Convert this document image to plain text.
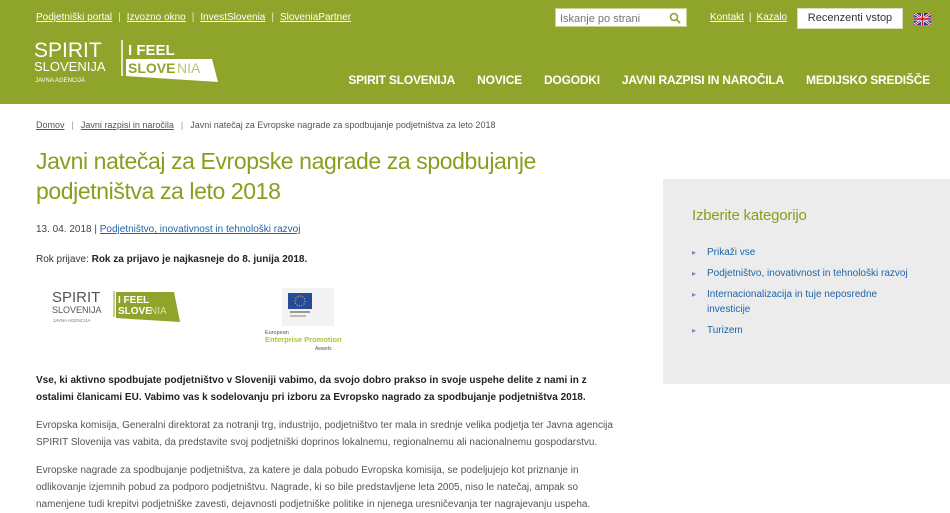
Podjetniški portal | Izvozno okno | InvestSlovenia | SloveniaPartner
Iskanje po strani	Kontakt | Kazalo	Recenzenti vstop
SPIRIT
SLOVENIJA
JAVNA AGENCIJA
I FEEL
SLOVE NIA
SPIRIT SLOVENIJA NOVICE DOGODKI JAVNI RAZPISI IN NAROČILA MEDIJSKO SREDIŠČE
Domov | Javni razpisi in naročila | Javni natečaj za Evropske nagrade za spodbujanje podjetništva za leto 2018
Javni natečaj za Evropske nagrade za spodbujanje podjetništva za leto 2018
13. 04. 2018 | Podjetništvo, inovativnost in tehnološki razvoj
Rok prijave: Rok za prijavo je najkasneje do 8. junija 2018.
SPIRIT
SLOVENIJA
JAVNA AGENCIJA
I FEEL
SLOVE
NIA
European
Enterprise Promotion
Awards

Vse, ki aktivno spodbujate podjetništvo v Sloveniji vabimo, da svojo dobro prakso in svoje uspehe delite z nami in z ostalimi članicami EU. Vabimo vas k sodelovanju pri izboru za Evropsko nagrado za spodbujanje podjetništva 2018.

Evropska komisija, Generalni direktorat za notranji trg, industrijo, podjetništvo ter mala in srednje velika podjetja ter Javna agencija SPIRIT Slovenija vas vabita, da predstavite svoj podjetniški doprinos lokalnemu, regionalnemu ali nacionalnemu gospodarstvu.

Evropske nagrade za spodbujanje podjetništva, za katere je dala pobudo Evropska komisija, se podeljujejo kot priznanje in odlikovanje izjemnih pobud za podporo podjetništvu. Nagrade, ki so bile predstavljene leta 2005, niso le natečaj, ampak so namenjene tudi krepitvi podjetniške zavesti, dejavnosti podjetniške politike in njenega uresničevanja ter nagrajevanju uspeha.

Izberite kategorijo
▸ Prikaži vse
▸ Podjetništvo, inovativnost in tehnološki razvoj
▸ Internacionalizacija in tuje neposredne investicije
▸ Turizem
